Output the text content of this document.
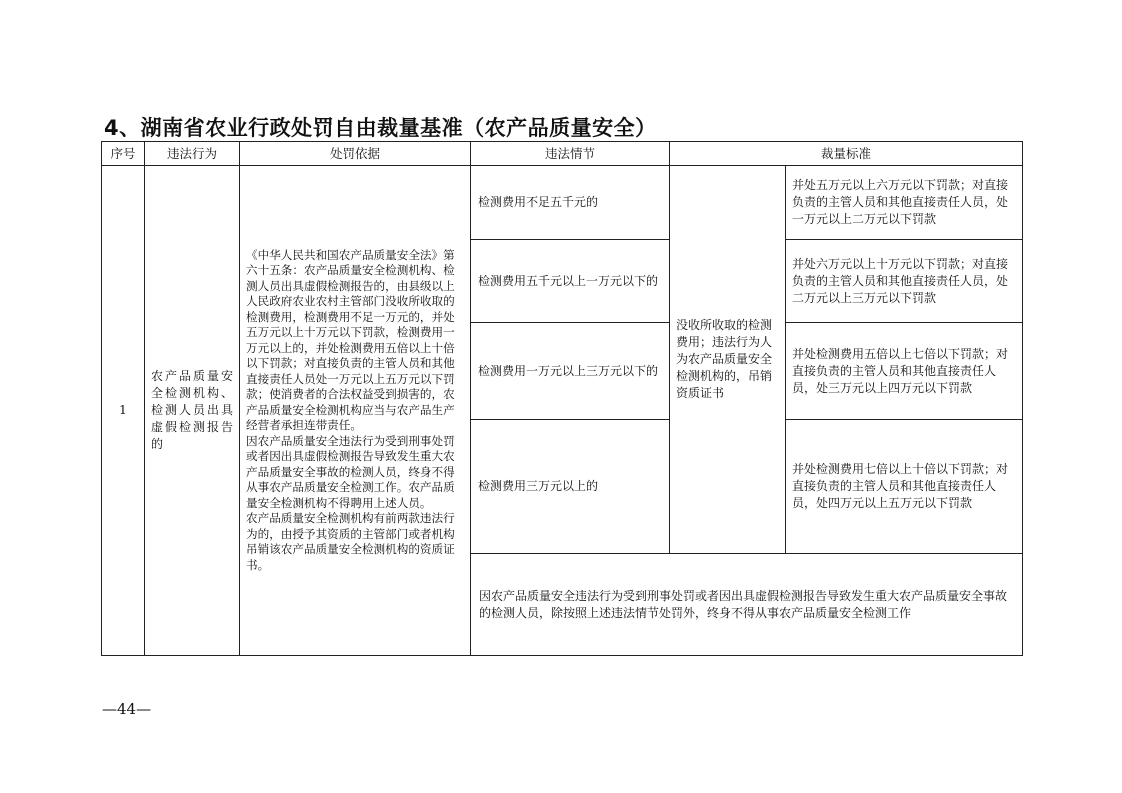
4、湖南省农业行政处罚自由裁量基准（农产品质量安全）
序号	违法行为	处罚依据	违法情节	裁量标准	
1	农产品质量安全检测机构、检测人员出具虚假检测报告的	《中华人民共和国农产品质量安全法》第六十五条：农产品质量安全检测机构、检测人员出具虚假检测报告的，由县级以上人民政府农业农村主管部门没收所收取的检测费用，检测费用不足一万元的，并处五万元以上十万元以下罚款，检测费用一万元以上的，并处检测费用五倍以上十倍以下罚款；对直接负责的主管人员和其他直接责任人员处一万元以上五万元以下罚款；使消费者的合法权益受到损害的，农产品质量安全检测机构应当与农产品生产经营者承担连带责任。

因农产品质量安全违法行为受到刑事处罚或者因出具虚假检测报告导致发生重大农产品质量安全事故的检测人员，终身不得从事农产品质量安全检测工作。农产品质量安全检测机构不得聘用上述人员。

农产品质量安全检测机构有前两款违法行为的，由授予其资质的主管部门或者机构吊销该农产品质量安全检测机构的资质证书。	检测费用不足五千元的	没收所收取的检测费用；违法行为人为农产品质量安全检测机构的，吊销资质证书	并处五万元以上六万元以下罚款；对直接负责的主管人员和其他直接责任人员，处一万元以上二万元以下罚款
			检测费用五千元以上一万元以下的		并处六万元以上十万元以下罚款；对直接负责的主管人员和其他直接责任人员，处二万元以上三万元以下罚款
			检测费用一万元以上三万元以下的		并处检测费用五倍以上七倍以下罚款；对直接负责的主管人员和其他直接责任人员，处三万元以上四万元以下罚款
			检测费用三万元以上的		并处检测费用七倍以上十倍以下罚款；对直接负责的主管人员和其他直接责任人员，处四万元以上五万元以下罚款
			因农产品质量安全违法行为受到刑事处罚或者因出具虚假检测报告导致发生重大农产品质量安全事故的检测人员，除按照上述违法情节处罚外，终身不得从事农产品质量安全检测工作		
—44—
